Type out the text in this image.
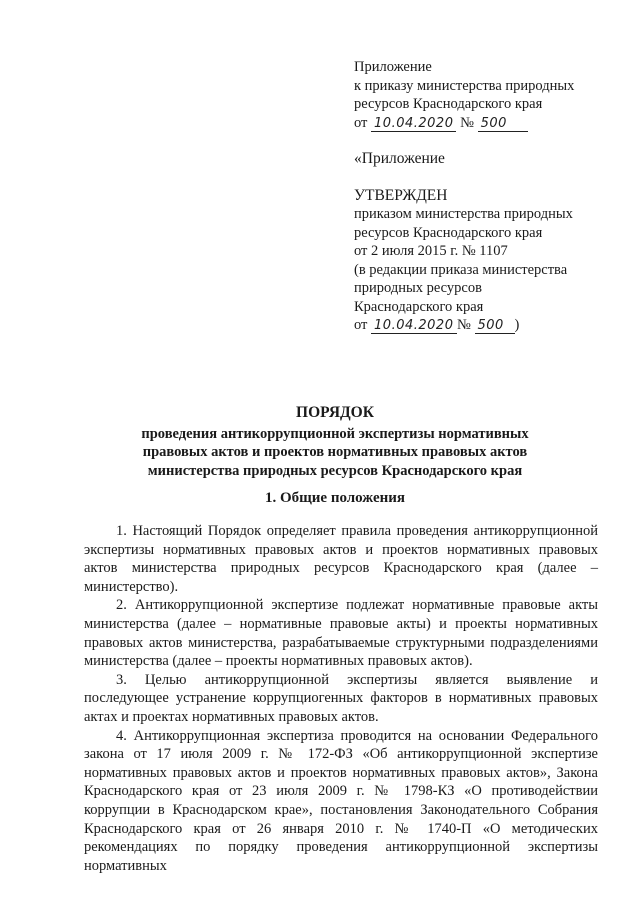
Приложение
к приказу министерства природных
ресурсов Краснодарского края
от 10.04.2020 № 500
«Приложение
УТВЕРЖДЕН
приказом министерства природных
ресурсов Краснодарского края
от 2 июля 2015 г. № 1107
(в редакции приказа министерства
природных ресурсов
Краснодарского края
от 10.04.2020 № 500 )
ПОРЯДОК
проведения антикоррупционной экспертизы нормативных
правовых актов и проектов нормативных правовых актов
министерства природных ресурсов Краснодарского края
1. Общие положения

1. Настоящий Порядок определяет правила проведения антикоррупционной экспертизы нормативных правовых актов и проектов нормативных правовых актов министерства природных ресурсов Краснодарского края (далее – министерство).

2. Антикоррупционной экспертизе подлежат нормативные правовые акты министерства (далее – нормативные правовые акты) и проекты нормативных правовых актов министерства, разрабатываемые структурными подразделениями министерства (далее – проекты нормативных правовых актов).

3. Целью антикоррупционной экспертизы является выявление и последующее устранение коррупциогенных факторов в нормативных правовых актах и проектах нормативных правовых актов.

4. Антикоррупционная экспертиза проводится на основании Федерального закона от 17 июля 2009 г. № 172-ФЗ «Об антикоррупционной экспертизе нормативных правовых актов и проектов нормативных правовых актов», Закона Краснодарского края от 23 июля 2009 г. № 1798-КЗ «О противодействии коррупции в Краснодарском крае», постановления Законодательного Собрания Краснодарского края от 26 января 2010 г. № 1740-П «О методических рекомендациях по порядку проведения антикоррупционной экспертизы нормативных
